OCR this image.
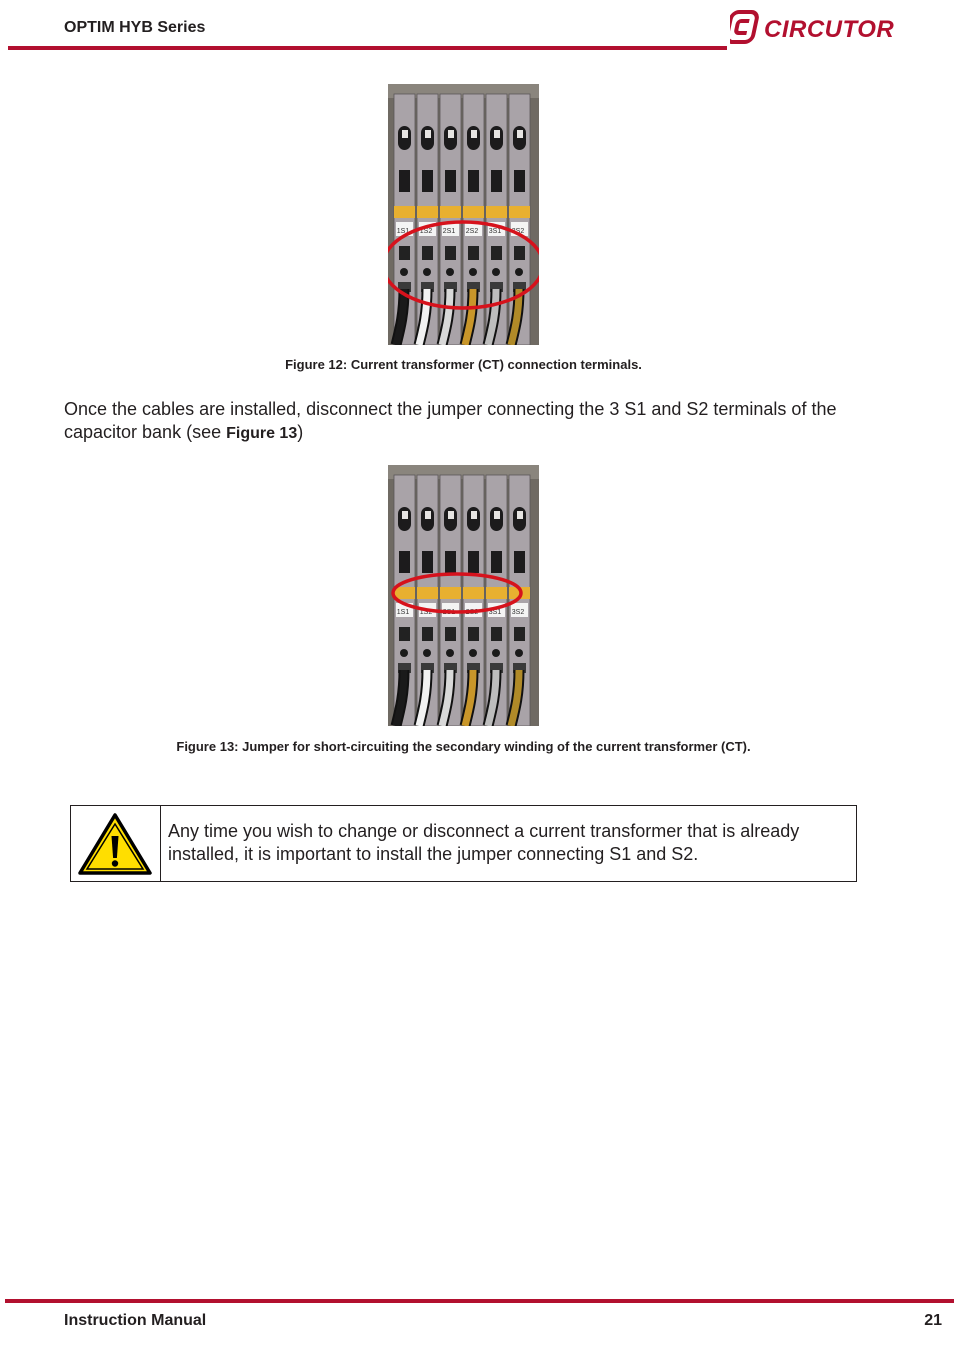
OPTIM HYB Series	CIRCUTOR
1S1 1S2 2S1 2S2 3S1 3S2
Figure 12: Current transformer (CT) connection terminals.
Once the cables are installed, disconnect the jumper connecting the 3 S1 and S2 terminals of the capacitor bank (see Figure 13)
1S1 1S2 2S1 2S2 3S1 3S2
Figure 13: Jumper for short-circuiting the secondary winding of the current transformer (CT).
Any time you wish to change or disconnect a current transformer that is already installed, it is important to install the jumper connecting S1 and S2.
Instruction Manual	21
